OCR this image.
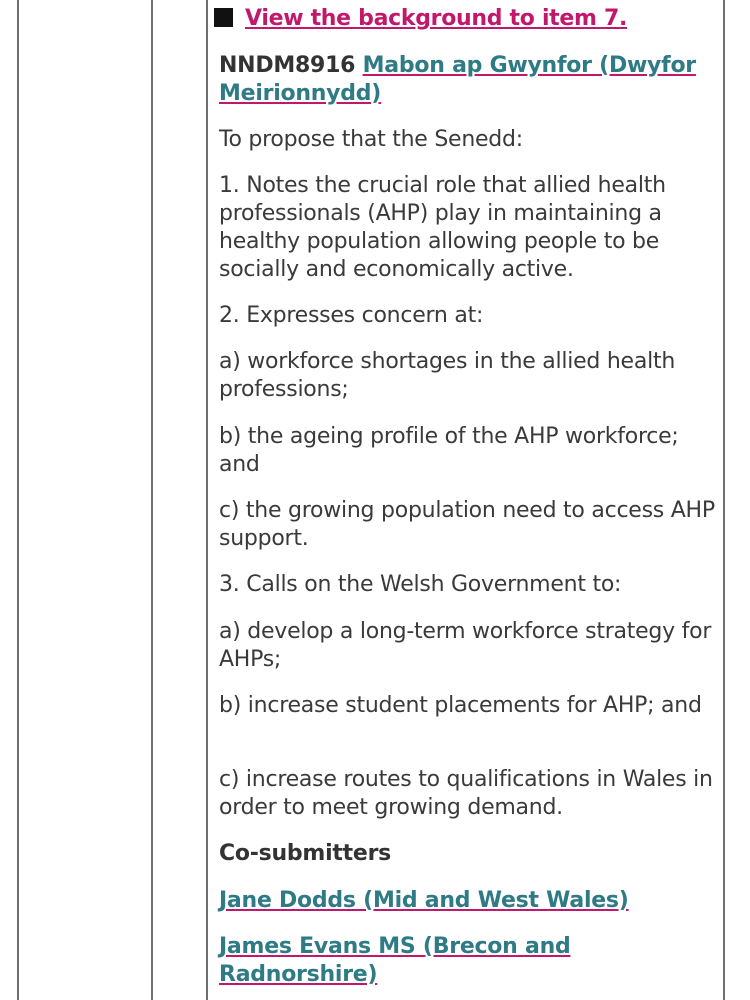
View the background to item 7.

NNDM8916 Mabon ap Gwynfor (Dwyfor Meirionnydd)

To propose that the Senedd:

1. Notes the crucial role that allied health professionals (AHP) play in maintaining a healthy population allowing people to be socially and economically active.

2. Expresses concern at:

a) workforce shortages in the allied health professions;

b) the ageing profile of the AHP workforce; and

c) the growing population need to access AHP support.

3. Calls on the Welsh Government to:

a) develop a long-term workforce strategy for AHPs;

b) increase student placements for AHP; and

c) increase routes to qualifications in Wales in order to meet growing demand.

Co-submitters

Jane Dodds (Mid and West Wales)

James Evans MS (Brecon and Radnorshire)
